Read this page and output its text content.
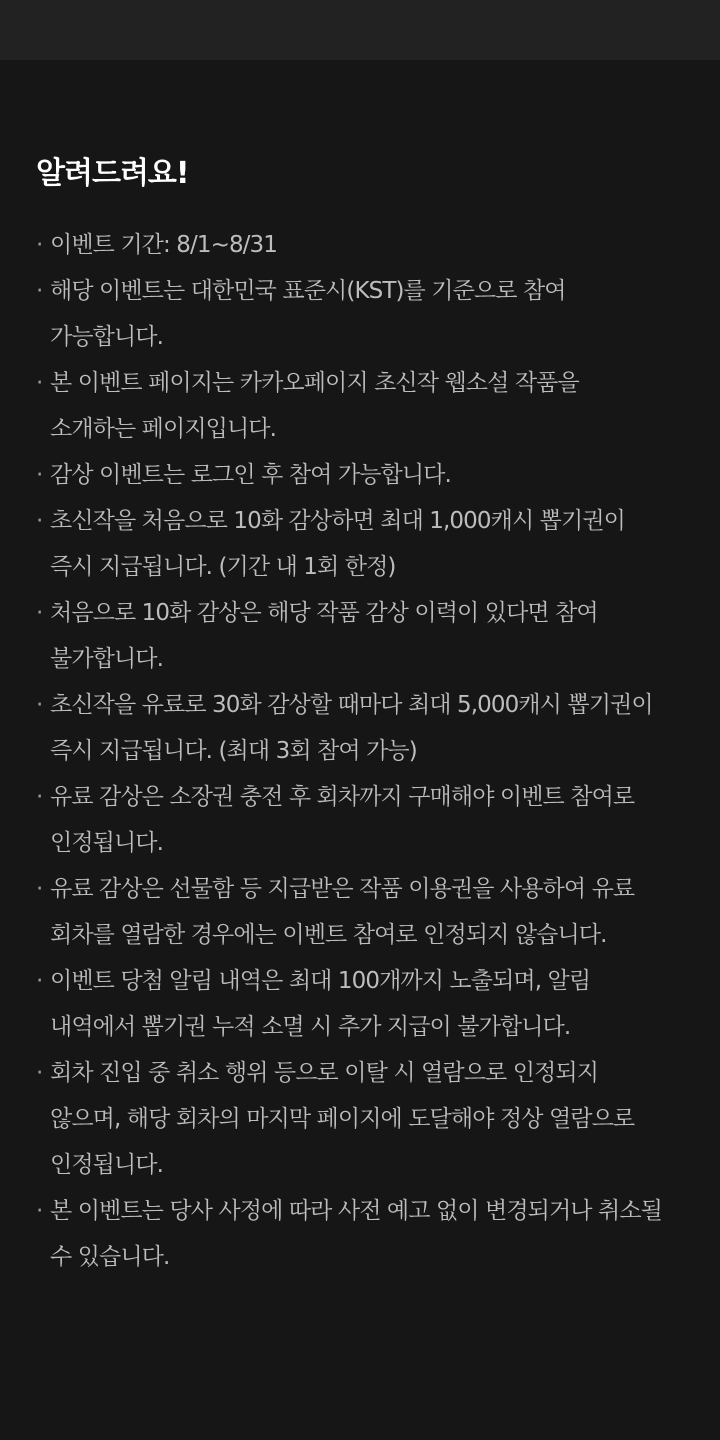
알려드려요!
· 이벤트 기간: 8/1~8/31
· 해당 이벤트는 대한민국 표준시(KST)를 기준으로 참여
가능합니다.
· 본 이벤트 페이지는 카카오페이지 초신작 웹소설 작품을
소개하는 페이지입니다.
· 감상 이벤트는 로그인 후 참여 가능합니다.
· 초신작을 처음으로 10화 감상하면 최대 1,000캐시 뽑기권이
즉시 지급됩니다. (기간 내 1회 한정)
· 처음으로 10화 감상은 해당 작품 감상 이력이 있다면 참여
불가합니다.
· 초신작을 유료로 30화 감상할 때마다 최대 5,000캐시 뽑기권이
즉시 지급됩니다. (최대 3회 참여 가능)
· 유료 감상은 소장권 충전 후 회차까지 구매해야 이벤트 참여로
인정됩니다.
· 유료 감상은 선물함 등 지급받은 작품 이용권을 사용하여 유료
회차를 열람한 경우에는 이벤트 참여로 인정되지 않습니다.
· 이벤트 당첨 알림 내역은 최대 100개까지 노출되며, 알림
내역에서 뽑기권 누적 소멸 시 추가 지급이 불가합니다.
· 회차 진입 중 취소 행위 등으로 이탈 시 열람으로 인정되지
않으며, 해당 회차의 마지막 페이지에 도달해야 정상 열람으로
인정됩니다.
· 본 이벤트는 당사 사정에 따라 사전 예고 없이 변경되거나 취소될
수 있습니다.
